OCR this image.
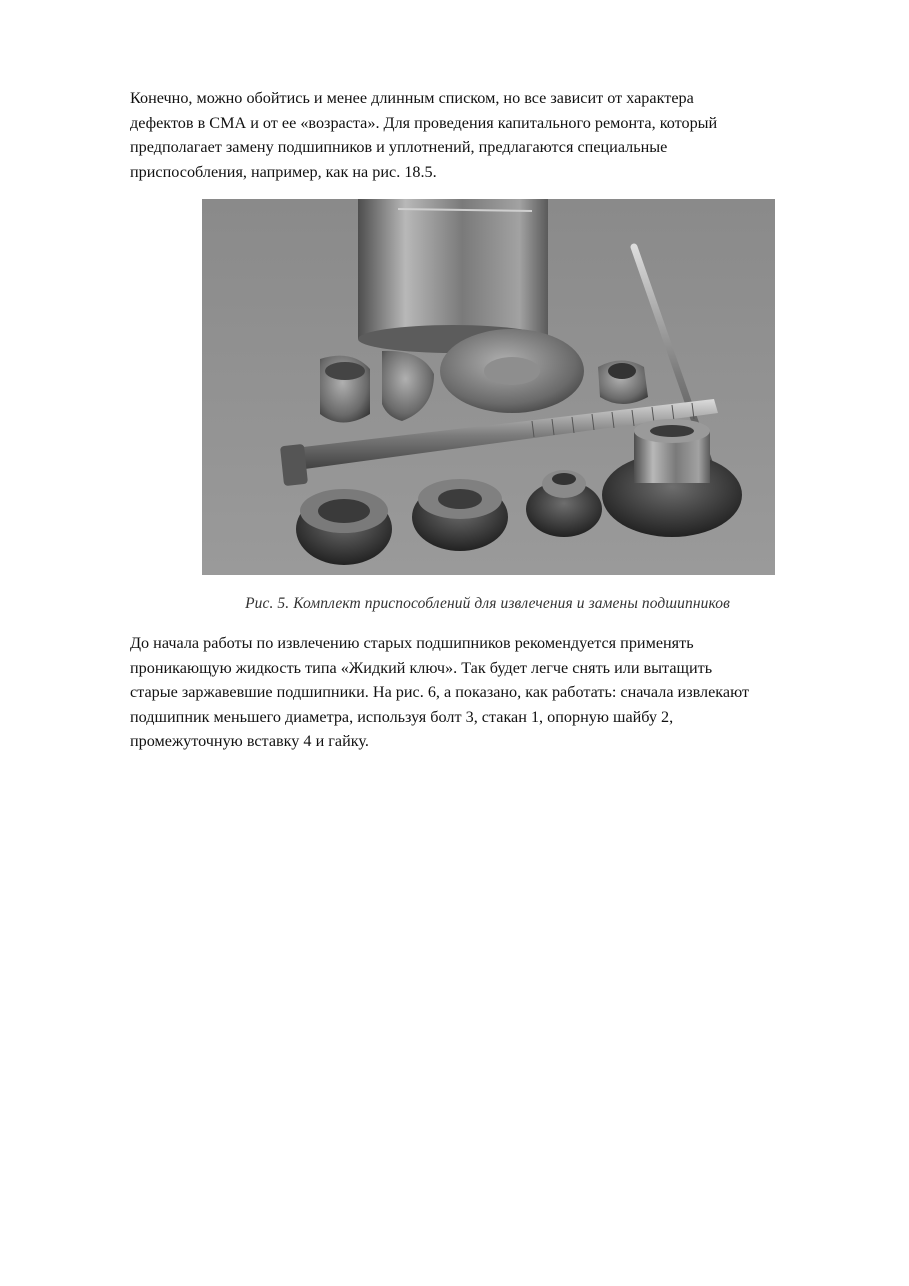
Конечно, можно обойтись и менее длинным списком, но все зависит от характера
дефектов в СМА и от ее «возраста». Для проведения капитального ремонта, который
предполагает замену подшипников и уплотнений, предлагаются специальные
приспособления, например, как на рис. 18.5.

Рис. 5. Комплект приспособлений для извлечения и замены подшипников

До начала работы по извлечению старых подшипников рекомендуется применять
проникающую жидкость типа «Жидкий ключ». Так будет легче снять или вытащить
старые заржавевшие подшипники. На рис. 6, а показано, как работать: сначала извлекают
подшипник меньшего диаметра, используя болт 3, стакан 1, опорную шайбу 2,
промежуточную вставку 4 и гайку.
